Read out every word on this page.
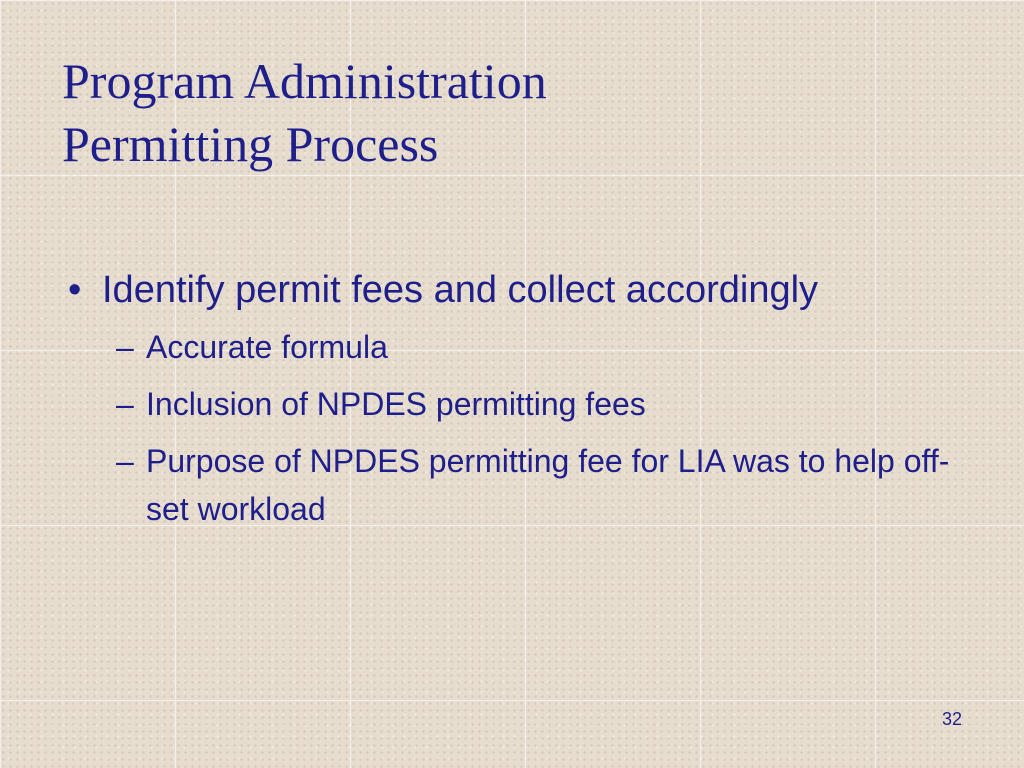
Program Administration
Permitting Process
• Identify permit fees and collect accordingly
– Accurate formula
– Inclusion of NPDES permitting fees
– Purpose of NPDES permitting fee for LIA was to help off-set workload
32
